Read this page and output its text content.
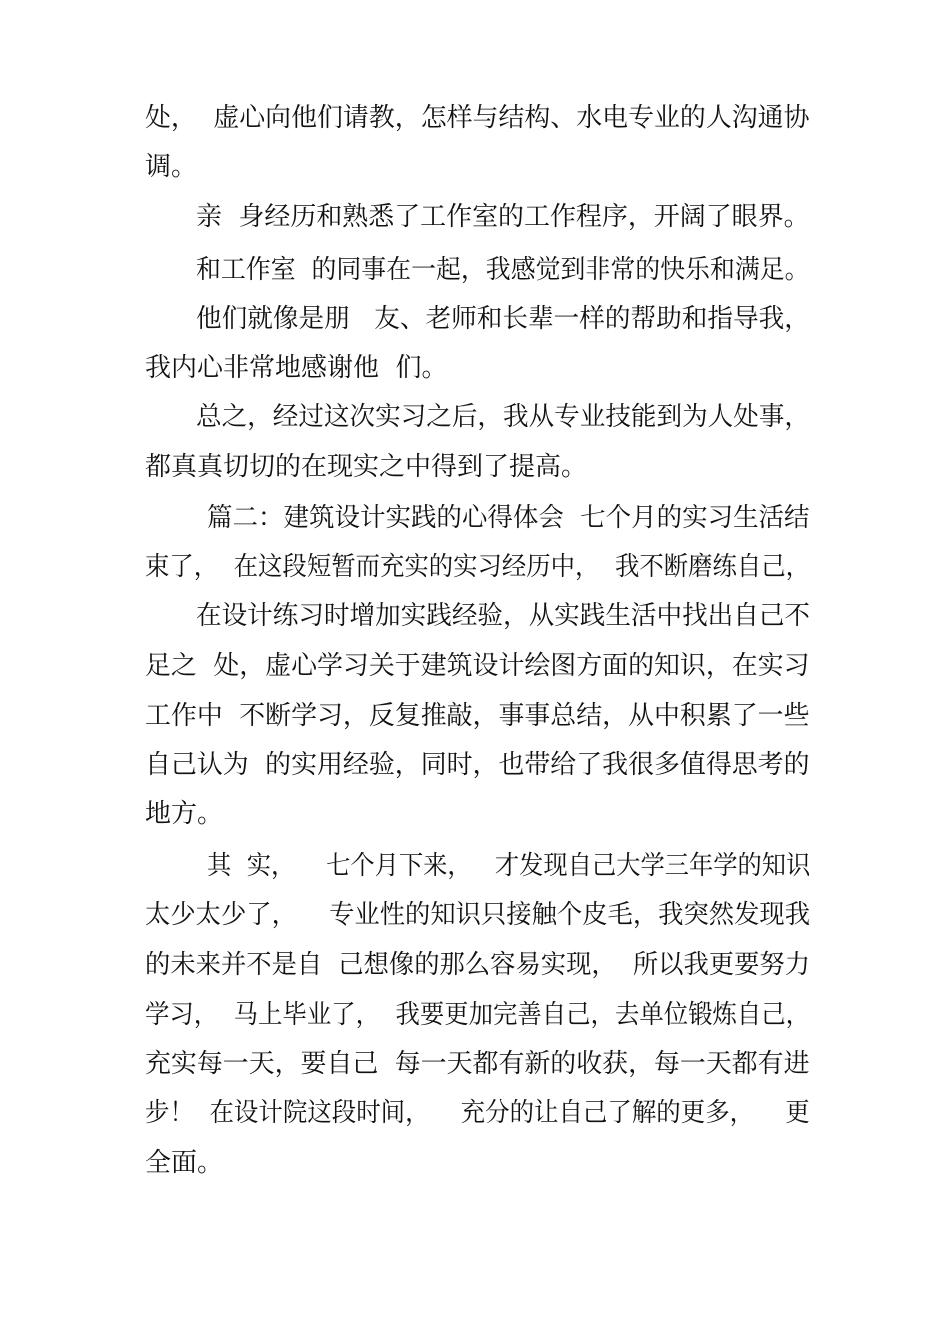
处，  虚心向他们请教，怎样与结构、水电专业的人沟通协
调。
亲  身经历和熟悉了工作室的工作程序，开阔了眼界。
和工作室  的同事在一起，我感觉到非常的快乐和满足。
他们就像是朋   友、老师和长辈一样的帮助和指导我，
我内心非常地感谢他  们。
总之，经过这次实习之后，我从专业技能到为人处事，
都真真切切的在现实之中得到了提高。
篇二：建筑设计实践的心得体会  七个月的实习生活结
束了，  在这段短暂而充实的实习经历中，  我不断磨练自己，
在设计练习时增加实践经验，从实践生活中找出自己不
足之  处，虚心学习关于建筑设计绘图方面的知识，在实习
工作中  不断学习，反复推敲，事事总结，从中积累了一些
自己认为  的实用经验，同时，也带给了我很多值得思考的
地方。
其  实，    七个月下来，   才发现自己大学三年学的知识
太少太少了，    专业性的知识只接触个皮毛，我突然发现我
的未来并不是自  己想像的那么容易实现，  所以我更要努力
学习，  马上毕业了，  我要更加完善自己，去单位锻炼自己，
充实每一天，要自己  每一天都有新的收获，每一天都有进
步！  在设计院这段时间，    充分的让自己了解的更多，    更
全面。
